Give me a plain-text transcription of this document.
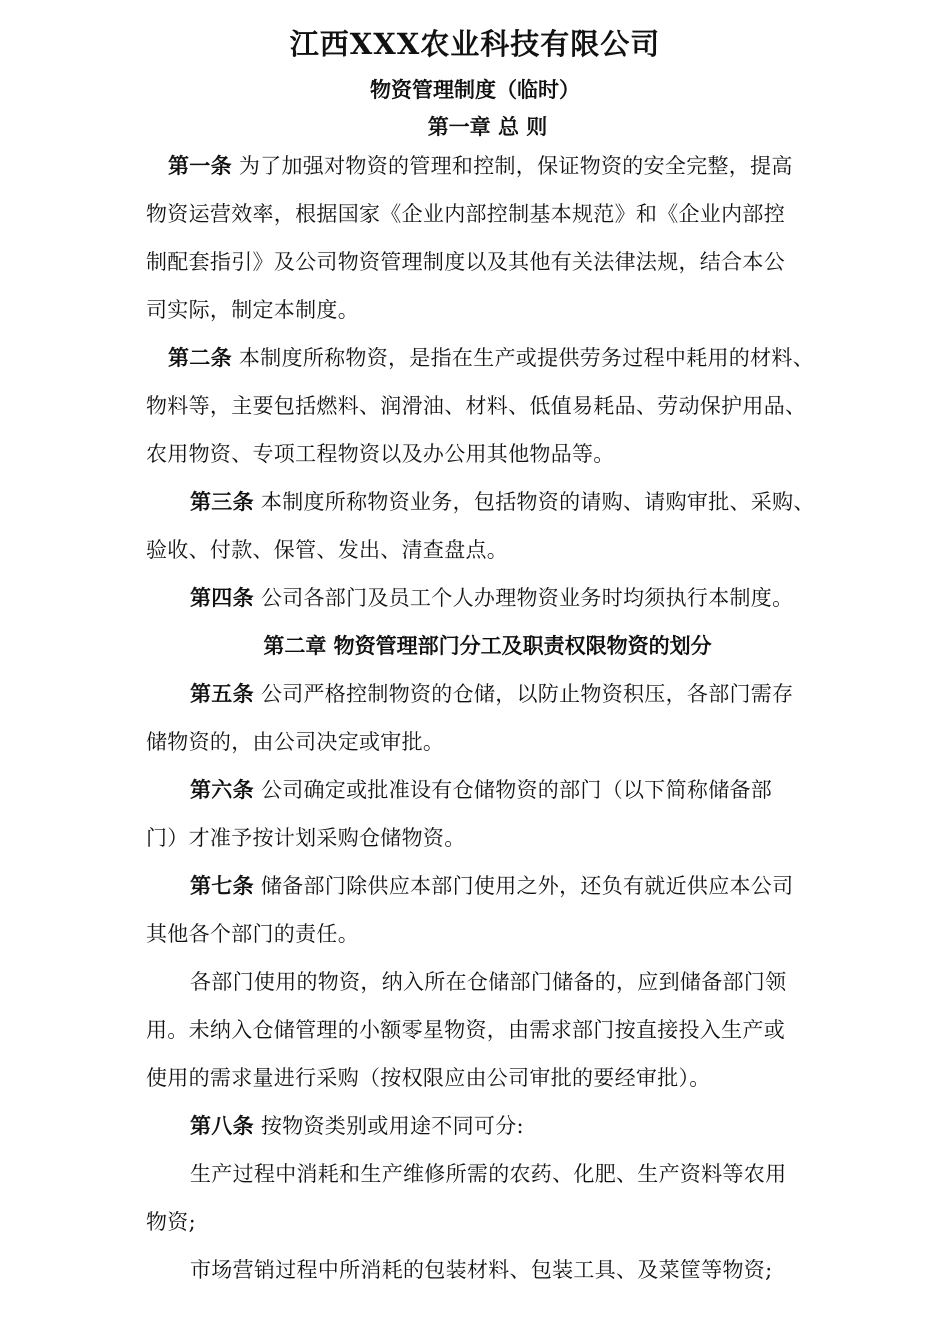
江西XXX农业科技有限公司
物资管理制度（临时）
第一章 总 则
第一条 为了加强对物资的管理和控制，保证物资的安全完整，提高
物资运营效率，根据国家《企业内部控制基本规范》和《企业内部控
制配套指引》及公司物资管理制度以及其他有关法律法规，结合本公
司实际，制定本制度。
第二条 本制度所称物资，是指在生产或提供劳务过程中耗用的材料、
物料等，主要包括燃料、润滑油、材料、低值易耗品、劳动保护用品、
农用物资、专项工程物资以及办公用其他物品等。
第三条 本制度所称物资业务，包括物资的请购、请购审批、采购、
验收、付款、保管、发出、清查盘点。
第四条 公司各部门及员工个人办理物资业务时均须执行本制度。
第二章 物资管理部门分工及职责权限物资的划分
第五条 公司严格控制物资的仓储，以防止物资积压，各部门需存
储物资的，由公司决定或审批。
第六条 公司确定或批准设有仓储物资的部门（以下简称储备部
门）才准予按计划采购仓储物资。
第七条 储备部门除供应本部门使用之外，还负有就近供应本公司
其他各个部门的责任。
各部门使用的物资，纳入所在仓储部门储备的，应到储备部门领
用。未纳入仓储管理的小额零星物资，由需求部门按直接投入生产或
使用的需求量进行采购（按权限应由公司审批的要经审批）。
第八条 按物资类别或用途不同可分:
生产过程中消耗和生产维修所需的农药、化肥、生产资料等农用
物资;
市场营销过程中所消耗的包装材料、包装工具、及菜筐等物资;
